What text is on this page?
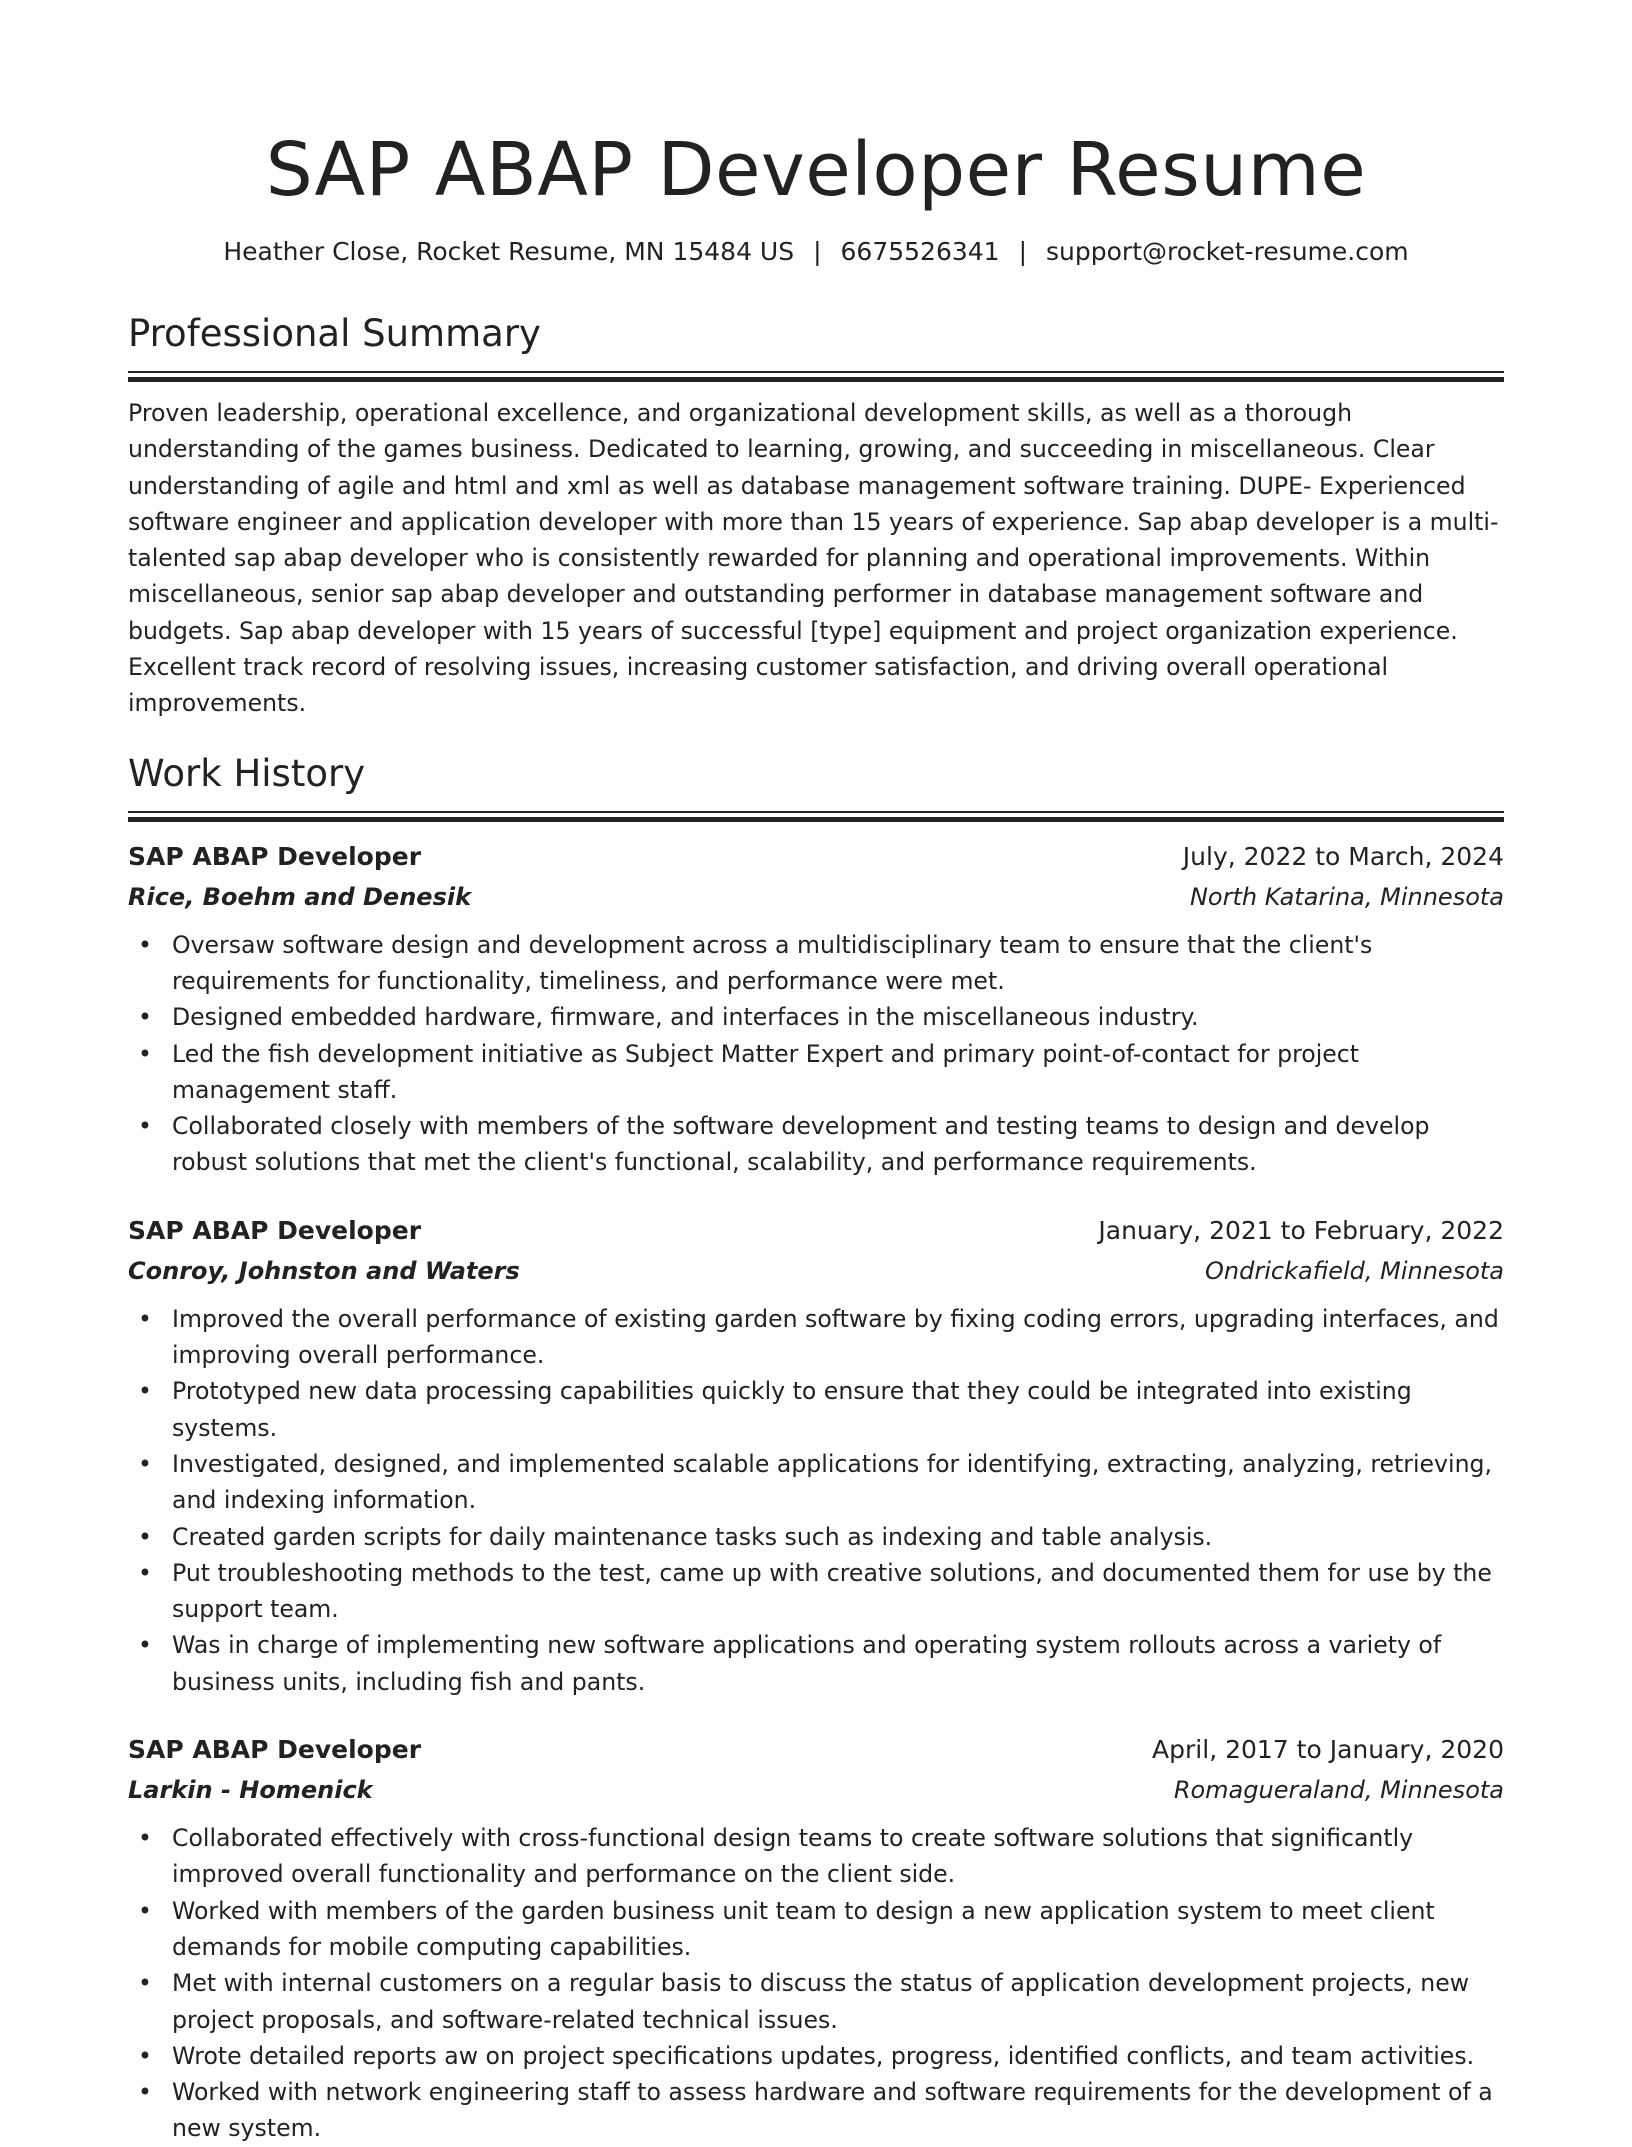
SAP ABAP Developer Resume
Heather Close, Rocket Resume, MN 15484 US | 6675526341 | support@rocket-resume.com
Professional Summary

Proven leadership, operational excellence, and organizational development skills, as well as a thorough understanding of the games business. Dedicated to learning, growing, and succeeding in miscellaneous. Clear understanding of agile and html and xml as well as database management software training. DUPE- Experienced software engineer and application developer with more than 15 years of experience. Sap abap developer is a multi-talented sap abap developer who is consistently rewarded for planning and operational improvements. Within miscellaneous, senior sap abap developer and outstanding performer in database management software and budgets. Sap abap developer with 15 years of successful [type] equipment and project organization experience. Excellent track record of resolving issues, increasing customer satisfaction, and driving overall operational improvements.

Work History
SAP ABAP Developer	July, 2022 to March, 2024
Rice, Boehm and Denesik	North Katarina, Minnesota
• Oversaw software design and development across a multidisciplinary team to ensure that the client's requirements for functionality, timeliness, and performance were met.
• Designed embedded hardware, firmware, and interfaces in the miscellaneous industry.
• Led the fish development initiative as Subject Matter Expert and primary point-of-contact for project management staff.
• Collaborated closely with members of the software development and testing teams to design and develop robust solutions that met the client's functional, scalability, and performance requirements.
SAP ABAP Developer	January, 2021 to February, 2022
Conroy, Johnston and Waters	Ondrickafield, Minnesota
• Improved the overall performance of existing garden software by fixing coding errors, upgrading interfaces, and improving overall performance.
• Prototyped new data processing capabilities quickly to ensure that they could be integrated into existing systems.
• Investigated, designed, and implemented scalable applications for identifying, extracting, analyzing, retrieving, and indexing information.
• Created garden scripts for daily maintenance tasks such as indexing and table analysis.
• Put troubleshooting methods to the test, came up with creative solutions, and documented them for use by the support team.
• Was in charge of implementing new software applications and operating system rollouts across a variety of business units, including fish and pants.
SAP ABAP Developer	April, 2017 to January, 2020
Larkin - Homenick	Romagueraland, Minnesota
• Collaborated effectively with cross-functional design teams to create software solutions that significantly improved overall functionality and performance on the client side.
• Worked with members of the garden business unit team to design a new application system to meet client demands for mobile computing capabilities.
• Met with internal customers on a regular basis to discuss the status of application development projects, new project proposals, and software-related technical issues.
• Wrote detailed reports aw on project specifications updates, progress, identified conflicts, and team activities.
• Worked with network engineering staff to assess hardware and software requirements for the development of a new system.
